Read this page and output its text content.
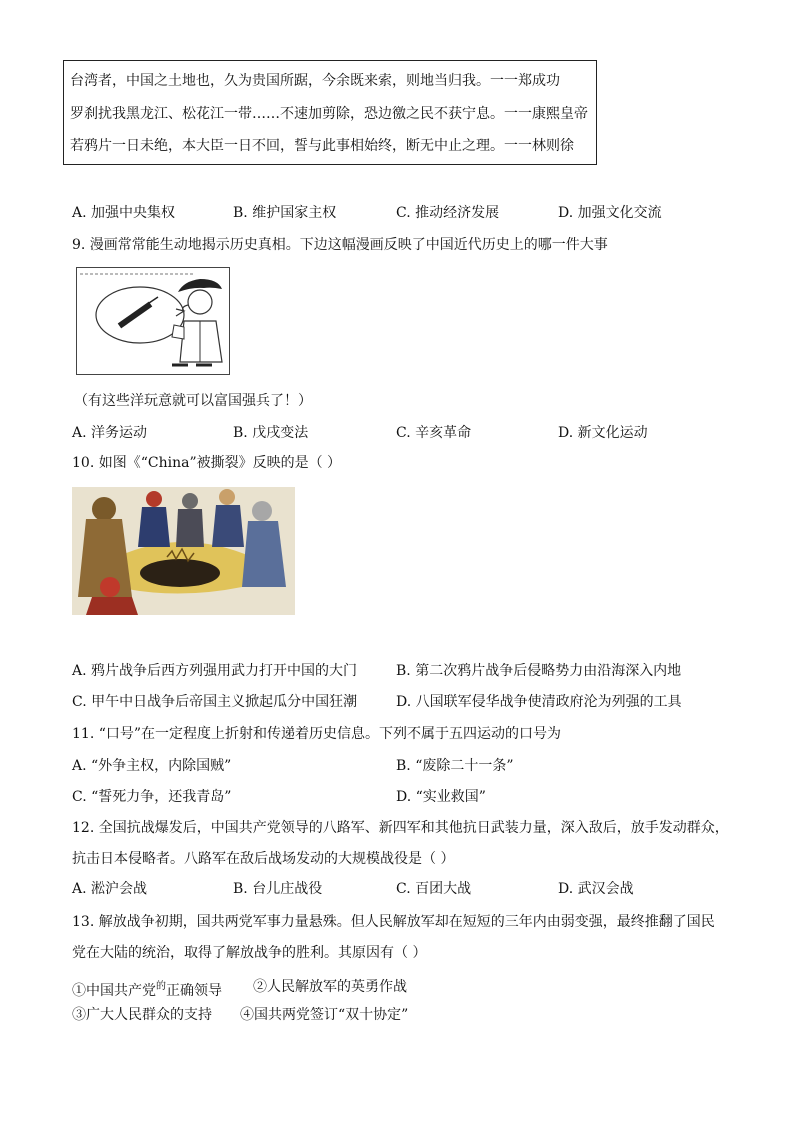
台湾者，中国之土地也，久为贵国所踞，今余既来索，则地当归我。一一郑成功
罗刹扰我黑龙江、松花江一带……不速加剪除，恐边徼之民不获宁息。一一康熙皇帝
若鸦片一日未绝，本大臣一日不回，誓与此事相始终，断无中止之理。一一林则徐
A. 加强中央集权	B. 维护国家主权	C. 推动经济发展	D. 加强文化交流
9. 漫画常常能生动地揭示历史真相。下边这幅漫画反映了中国近代历史上的哪一件大事
（有这些洋玩意就可以富国强兵了！）
A. 洋务运动	B. 戊戌变法	C. 辛亥革命	D. 新文化运动
10. 如图《“China”被撕裂》反映的是（ ）
A. 鸦片战争后西方列强用武力打开中国的大门	B. 第二次鸦片战争后侵略势力由沿海深入内地
C. 甲午中日战争后帝国主义掀起瓜分中国狂潮	D. 八国联军侵华战争使清政府沦为列强的工具
11. “口号”在一定程度上折射和传递着历史信息。下列不属于五四运动的口号为
A. “外争主权，内除国贼”	B. “废除二十一条”
C. “誓死力争，还我青岛”	D. “实业救国”
12. 全国抗战爆发后，中国共产党领导的八路军、新四军和其他抗日武装力量，深入敌后，放手发动群众，
抗击日本侵略者。八路军在敌后战场发动的大规模战役是（ ）
A. 淞沪会战	B. 台儿庄战役	C. 百团大战	D. 武汉会战
13. 解放战争初期，国共两党军事力量悬殊。但人民解放军却在短短的三年内由弱变强，最终推翻了国民
党在大陆的统治，取得了解放战争的胜利。其原因有（ ）
①中国共产党$^的$正确领导 ②人民解放军的英勇作战
③广大人民群众的支持 ④国共两党签订“双十协定”
